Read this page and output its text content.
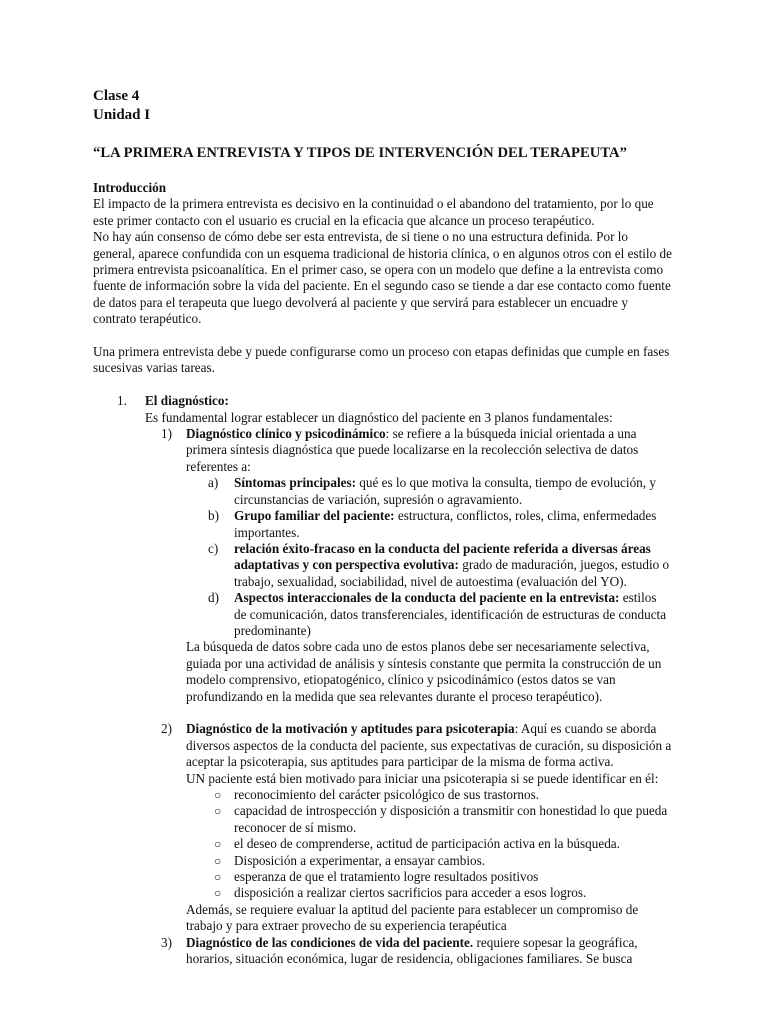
Clase 4
Unidad I
“LA PRIMERA ENTREVISTA Y TIPOS DE INTERVENCIÓN DEL TERAPEUTA”
Introducción

El impacto de la primera entrevista es decisivo en la continuidad o el abandono del tratamiento, por lo que este primer contacto con el usuario es crucial en la eficacia que alcance un proceso terapéutico.

No hay aún consenso de cómo debe ser esta entrevista, de si tiene o no una estructura definida. Por lo general, aparece confundida con un esquema tradicional de historia clínica, o en algunos otros con el estilo de primera entrevista psicoanalítica. En el primer caso, se opera con un modelo que define a la entrevista como fuente de información sobre la vida del paciente. En el segundo caso se tiende a dar ese contacto como fuente de datos para el terapeuta que luego devolverá al paciente y que servirá para establecer un encuadre y contrato terapéutico.

Una primera entrevista debe y puede configurarse como un proceso con etapas definidas que cumple en fases sucesivas varias tareas.

1.	El diagnóstico:
Es fundamental lograr establecer un diagnóstico del paciente en 3 planos fundamentales:
1)	Diagnóstico clínico y psicodinámico: se refiere a la búsqueda inicial orientada a una primera síntesis diagnóstica que puede localizarse en la recolección selectiva de datos referentes a:
a)	Síntomas principales: qué es lo que motiva la consulta, tiempo de evolución, y circunstancias de variación, supresión o agravamiento.
b)	Grupo familiar del paciente: estructura, conflictos, roles, clima, enfermedades importantes.
c)	relación éxito-fracaso en la conducta del paciente referida a diversas áreas adaptativas y con perspectiva evolutiva: grado de maduración, juegos, estudio o trabajo, sexualidad, sociabilidad, nivel de autoestima (evaluación del YO).
d)	Aspectos interaccionales de la conducta del paciente en la entrevista: estilos de comunicación, datos transferenciales, identificación de estructuras de conducta predominante)
La búsqueda de datos sobre cada uno de estos planos debe ser necesariamente selectiva, guiada por una actividad de análisis y síntesis constante que permita la construcción de un modelo comprensivo, etiopatogénico, clínico y psicodinámico (estos datos se van profundizando en la medida que sea relevantes durante el proceso terapéutico).
2)	Diagnóstico de la motivación y aptitudes para psicoterapia: Aquí es cuando se aborda diversos aspectos de la conducta del paciente, sus expectativas de curación, su disposición a aceptar la psicoterapia, sus aptitudes para participar de la misma de forma activa.
UN paciente está bien motivado para iniciar una psicoterapia si se puede identificar en él:
○ reconocimiento del carácter psicológico de sus trastornos.
○ capacidad de introspección y disposición a transmitir con honestidad lo que pueda reconocer de sí mismo.
○ el deseo de comprenderse, actitud de participación activa en la búsqueda.
○ Disposición a experimentar, a ensayar cambios.
○ esperanza de que el tratamiento logre resultados positivos
○ disposición a realizar ciertos sacrificios para acceder a esos logros.
Además, se requiere evaluar la aptitud del paciente para establecer un compromiso de trabajo y para extraer provecho de su experiencia terapéutica
3)	Diagnóstico de las condiciones de vida del paciente. requiere sopesar la geográfica, horarios, situación económica, lugar de residencia, obligaciones familiares. Se busca
